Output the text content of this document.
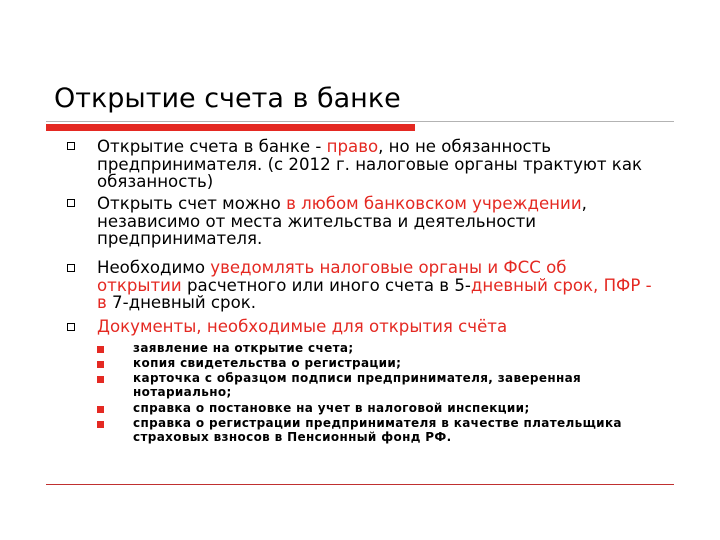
Открытие счета в банке
Открытие счета в банке - право, но не обязанность
предпринимателя. (с 2012 г. налоговые органы трактуют как
обязанность)
Открыть счет можно в любом банковском учреждении,
независимо от места жительства и деятельности
предпринимателя.
Необходимо уведомлять налоговые органы и ФСС об
открытии расчетного или иного счета в 5-дневный срок, ПФР -
в 7-дневный срок.
Документы, необходимые для открытия счёта
заявление на открытие счета;
копия свидетельства о регистрации;
карточка с образцом подписи предпринимателя, заверенная
нотариально;
справка о постановке на учет в налоговой инспекции;
справка о регистрации предпринимателя в качестве плательщика
страховых взносов в Пенсионный фонд РФ.
